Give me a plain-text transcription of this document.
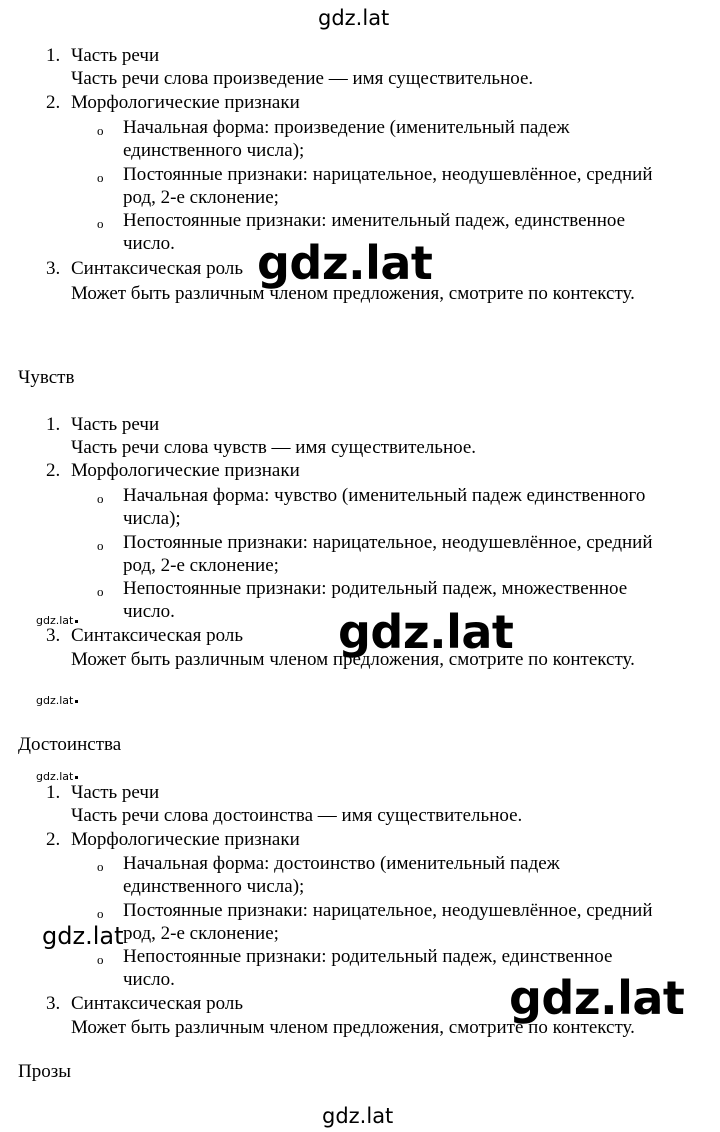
gdz.lat
1. Часть речи
Часть речи слова произведение — имя существительное.
2. Морфологические признаки
o Начальная форма: произведение (именительный падеж
единственного числа);
o Постоянные признаки: нарицательное, неодушевлённое, средний
род, 2-е склонение;
o Непостоянные признаки: именительный падеж, единственное
число.
3. Синтаксическая роль
Может быть различным членом предложения, смотрите по контексту.
gdz.lat
Чувств
1. Часть речи
Часть речи слова чувств — имя существительное.
2. Морфологические признаки
o Начальная форма: чувство (именительный падеж единственного
числа);
o Постоянные признаки: нарицательное, неодушевлённое, средний
род, 2-е склонение;
o Непостоянные признаки: родительный падеж, множественное
число.
gdz.lat
3. Синтаксическая роль
Может быть различным членом предложения, смотрите по контексту.
gdz.lat
gdz.lat
Достоинства
gdz.lat
1. Часть речи
Часть речи слова достоинства — имя существительное.
2. Морфологические признаки
o Начальная форма: достоинство (именительный падеж
единственного числа);
o Постоянные признаки: нарицательное, неодушевлённое, средний
род, 2-е склонение;
o Непостоянные признаки: родительный падеж, единственное
число.
gdz.lat
3. Синтаксическая роль
Может быть различным членом предложения, смотрите по контексту.
gdz.lat
Прозы
gdz.lat
